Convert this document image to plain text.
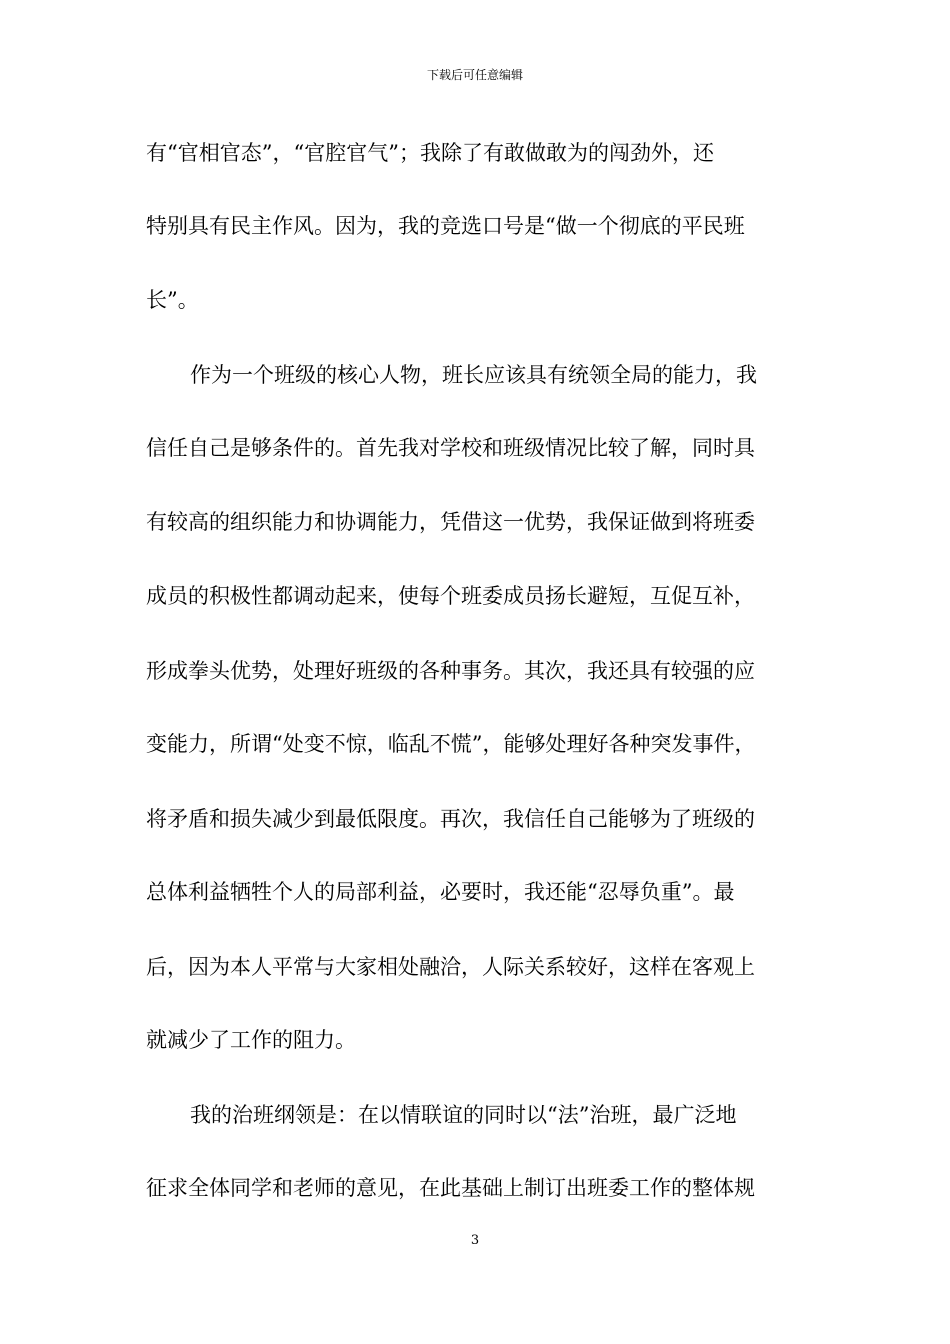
下载后可任意编辑
有“官相官态”，“官腔官气”；我除了有敢做敢为的闯劲外，还
特别具有民主作风。因为，我的竞选口号是“做一个彻底的平民班
长”。
作为一个班级的核心人物，班长应该具有统领全局的能力，我
信任自己是够条件的。首先我对学校和班级情况比较了解，同时具
有较高的组织能力和协调能力，凭借这一优势，我保证做到将班委
成员的积极性都调动起来，使每个班委成员扬长避短，互促互补，
形成拳头优势，处理好班级的各种事务。其次，我还具有较强的应
变能力，所谓“处变不惊，临乱不慌”，能够处理好各种突发事件，
将矛盾和损失减少到最低限度。再次，我信任自己能够为了班级的
总体利益牺牲个人的局部利益，必要时，我还能“忍辱负重”。最
后，因为本人平常与大家相处融洽，人际关系较好，这样在客观上
就减少了工作的阻力。
我的治班纲领是：在以情联谊的同时以“法”治班，最广泛地
征求全体同学和老师的意见，在此基础上制订出班委工作的整体规
3
